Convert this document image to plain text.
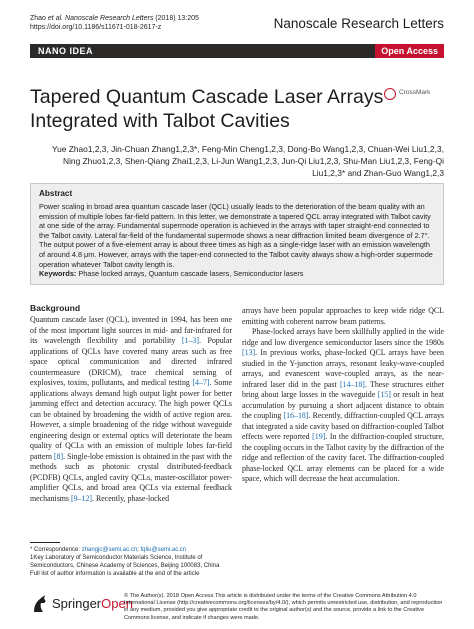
Zhao et al. Nanoscale Research Letters (2018) 13:205
https://doi.org/10.1186/s11671-018-2617-z	Nanoscale Research Letters
NANO IDEA	Open Access
Tapered Quantum Cascade Laser Arrays Integrated with Talbot Cavities
CrossMark
Yue Zhao1,2,3, Jin-Chuan Zhang1,2,3*, Feng-Min Cheng1,2,3, Dong-Bo Wang1,2,3, Chuan-Wei Liu1,2,3, Ning Zhuo1,2,3, Shen-Qiang Zhai1,2,3, Li-Jun Wang1,2,3, Jun-Qi Liu1,2,3, Shu-Man Liu1,2,3, Feng-Qi Liu1,2,3* and Zhan-Guo Wang1,2,3
Abstract
Power scaling in broad area quantum cascade laser (QCL) usually leads to the deterioration of the beam quality with an emission of multiple lobes far-field pattern. In this letter, we demonstrate a tapered QCL array integrated with Talbot cavity at one side of the array. Fundamental supermode operation is achieved in the arrays with taper straight-end connected to the Talbot cavity. Lateral far-field of the fundamental supermode shows a near diffraction limited beam divergence of 2.7°. The output power of a five-element array is about three times as high as a single-ridge laser with an emission wavelength of around 4.8 μm. However, arrays with the taper-end connected to the Talbot cavity always show a high-order supermode operation whatever Talbot cavity length is.
Keywords: Phase locked arrays, Quantum cascade lasers, Semiconductor lasers
Background
Quantum cascade laser (QCL), invented in 1994, has been one of the most important light sources in mid- and far-infrared for its wavelength flexibility and portability [1–3]. Popular applications of QCLs have covered many areas such as free space optical communication and directed infrared countermeasure (DRICM), trace chemical sensing of explosives, toxins, pollutants, and medical testing [4–7]. Some applications always demand high output light power for better jamming effect and detection accuracy. The high power QCLs can be obtained by broadening the width of active region area. However, a simple broadening of the ridge without waveguide engineering design or external optics will deteriorate the beam quality of QCLs with an emission of multiple lobes far-field pattern [8]. Single-lobe emission is obtained in the past with the methods such as photonic crystal distributed-feedback (PCDFB) QCLs, angled cavity QCLs, master-oscillator power-amplifier QCLs, and broad area QCLs via external feedback mechanisms [9–12]. Recently, phase-locked
arrays have been popular approaches to keep wide ridge QCL emitting with coherent narrow beam patterns.
Phase-locked arrays have been skillfully applied in the wide ridge and low divergence semiconductor lasers since the 1980s [13]. In previous works, phase-locked QCL arrays have been studied in the Y-junction arrays, resonant leaky-wave-coupled arrays, and evanescent wave-coupled arrays, as the near-infrared laser did in the past [14–18]. These structures either bring about large losses in the waveguide [15] or result in heat accumulation by pursuing a short adjacent distance to obtain the coupling [16–18]. Recently, diffraction-coupled QCL arrays that integrated a side cavity based on diffraction-coupled Talbot effects were reported [19]. In the diffraction-coupled structure, the coupling occurs in the Talbot cavity by the diffraction of the ridge and reflection of the cavity facet. The diffraction-coupled phase-locked QCL array elements can be placed for a wide space, which will decrease the heat accumulation.
* Correspondence: zhangjc@semi.ac.cn; fqliu@semi.ac.cn
1Key Laboratory of Semiconductor Materials Science, Institute of Semiconductors, Chinese Academy of Sciences, Beijing 100083, China
Full list of author information is available at the end of the article
SpringerOpen
© The Author(s). 2018 Open Access This article is distributed under the terms of the Creative Commons Attribution 4.0 International License (http://creativecommons.org/licenses/by/4.0/), which permits unrestricted use, distribution, and reproduction in any medium, provided you give appropriate credit to the original author(s) and the source, provide a link to the Creative Commons license, and indicate if changes were made.
